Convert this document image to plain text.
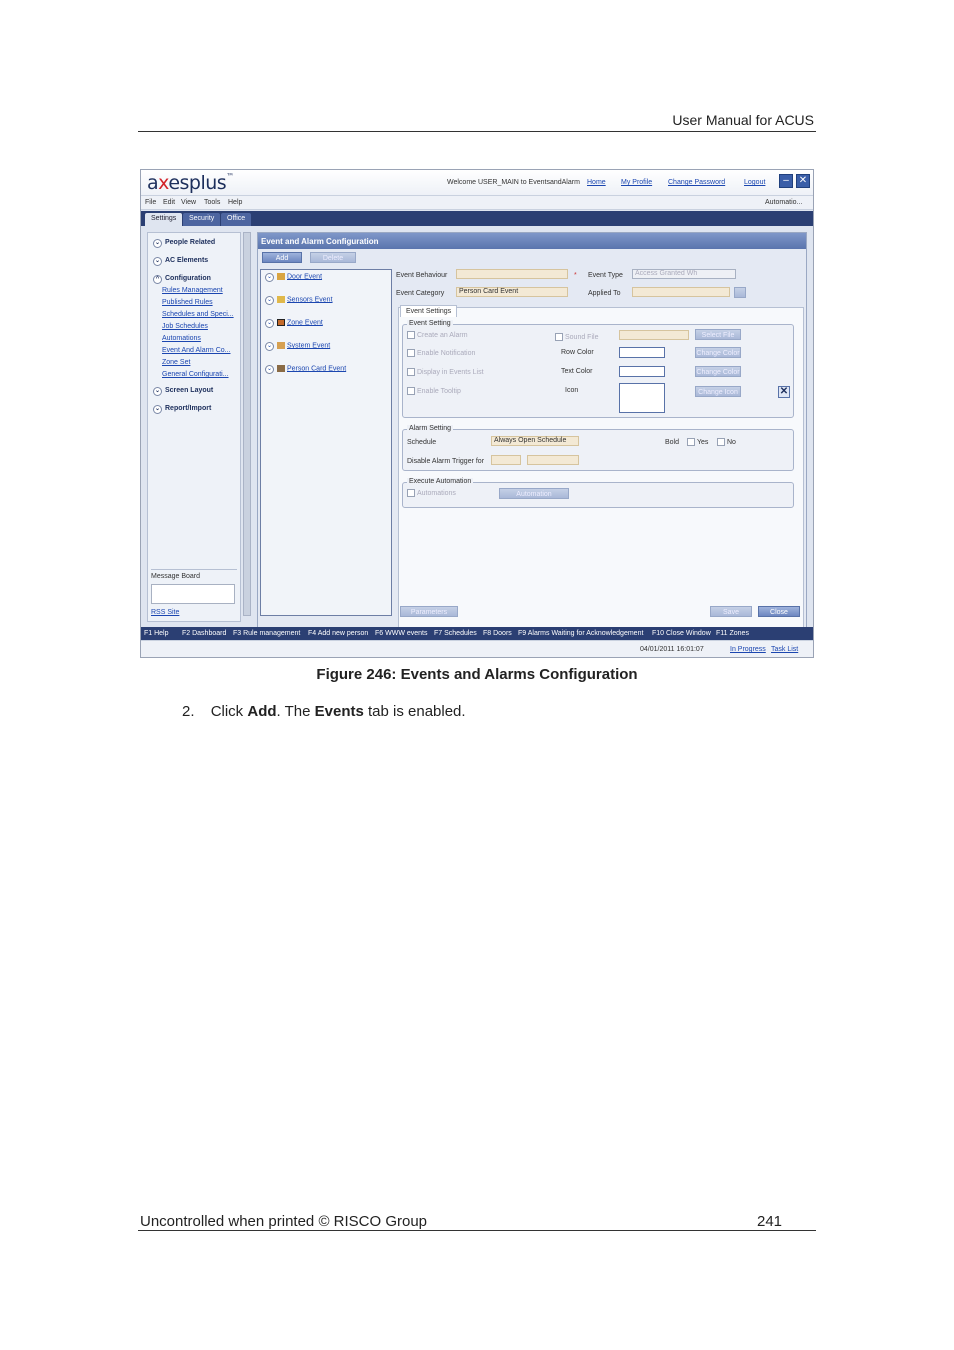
User Manual for ACUS
axesplus™
Welcome USER_MAIN to EventsandAlarm Home My Profile Change Password	Logout	–	✕
File Edit View Tools Help	Automatio...
Settings	Security	Office
⌄ People Related
⌄ AC Elements
^ Configuration
Rules Management
Published Rules
Schedules and Speci...
Job Schedules
Automations
Event And Alarm Co...
Zone Set
General Configurati...
⌄ Screen Layout
⌄ Report/Import
Message Board
RSS Site
Event and Alarm Configuration
Add	Delete
Event Behaviour	* Event Type	Access Granted Wh
Event Category	Person Card Event	Applied To
Event Settings
Event Setting
Create an Alarm	Sound File	Select File
Enable Notification	Row Color	Change Color
Display in Events List	Text Color	Change Color
Enable Tooltip	Icon	Change Icon	✕
Alarm Setting
Schedule	Always Open Schedule	Bold	Yes	No
Disable Alarm Trigger for
Execute Automation
Automations	Automation
Parameters	Save	Close
⌄ Door Event
⌄ Sensors Event
⌄ Zone Event
⌄ System Event
⌄ Person Card Event
F1 Help F2 Dashboard F3 Rule management F4 Add new person F6 WWW events F7 Schedules F8 Doors F9 Alarms Waiting for Acknowledgement F10 Close Window F11 Zones
04/01/2011 16:01:07	In Progress Task List
Figure 246: Events and Alarms Configuration
2. Click Add. The Events tab is enabled.
Uncontrolled when printed © RISCO Group	241
